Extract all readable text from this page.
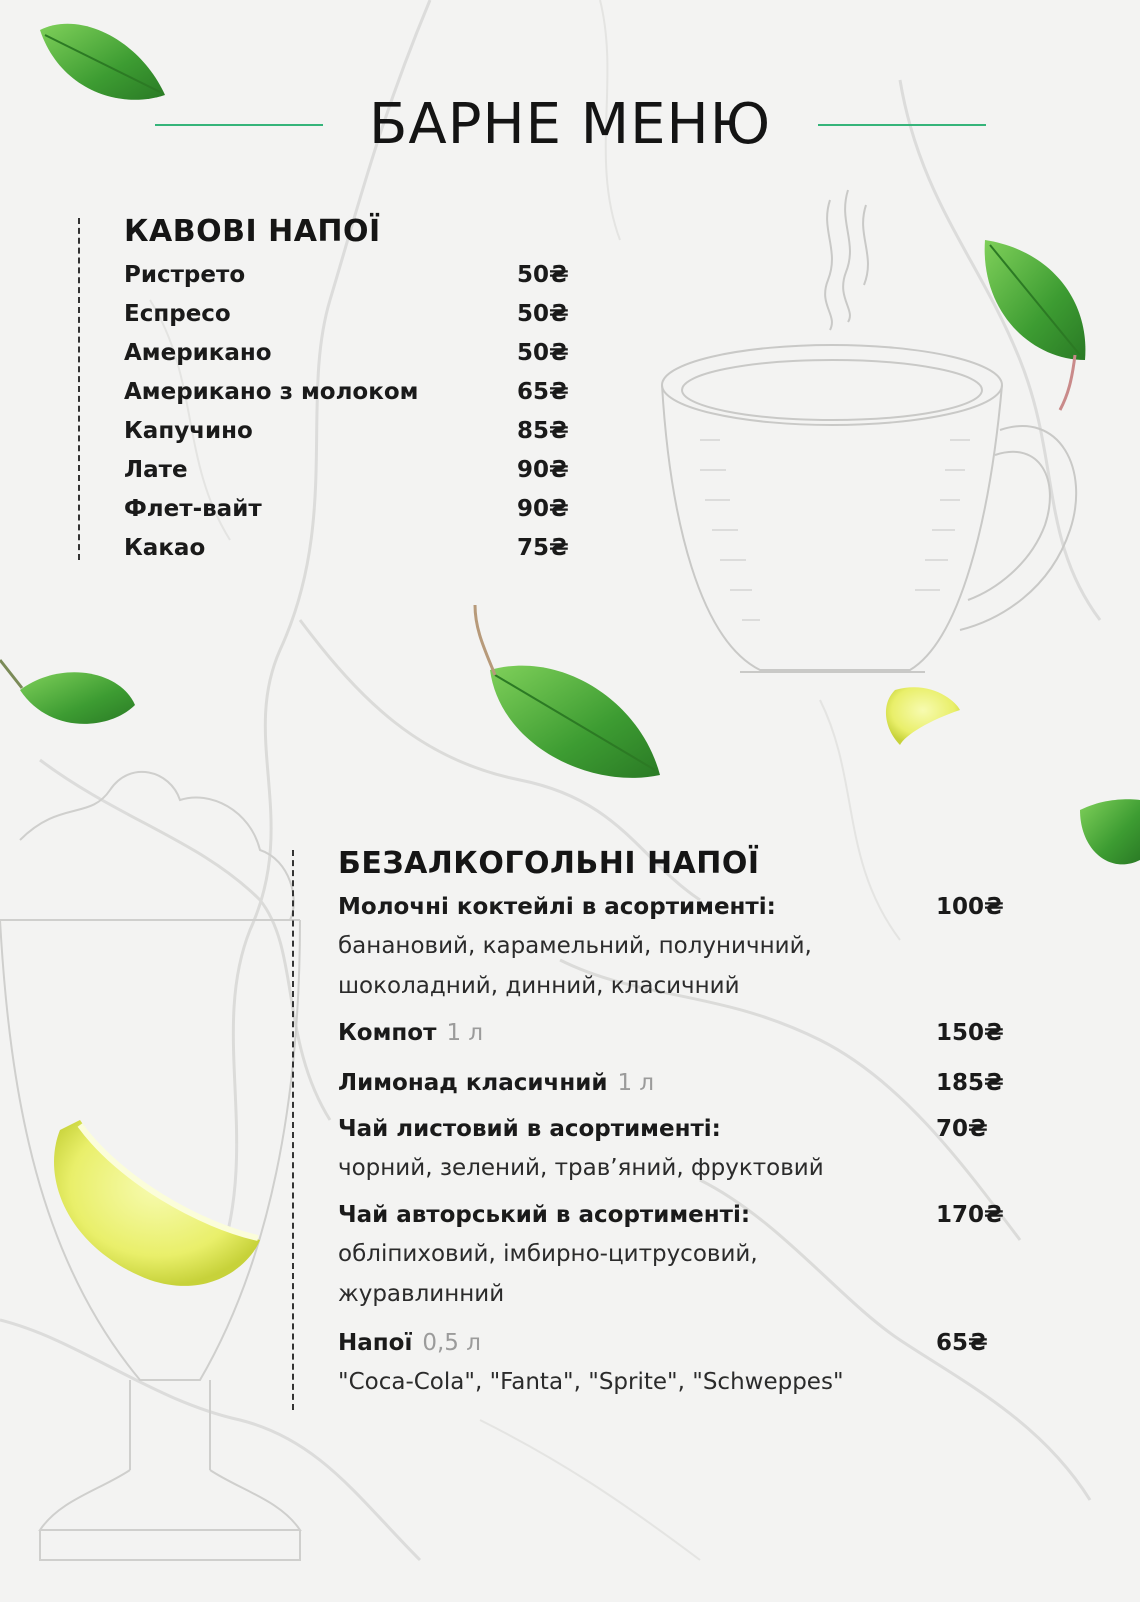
БАРНЕ МЕНЮ
КАВОВІ НАПОЇ
Ристрето	50₴
Еспресо	50₴
Американо	50₴
Американо з молоком	65₴
Капучино	85₴
Лате	90₴
Флет-вайт	90₴
Какао	75₴
БЕЗАЛКОГОЛЬНІ НАПОЇ
Молочні коктейлі в асортименті:	100₴
банановий, карамельний, полуничний,
шоколадний, динний, класичний
Компот 1 л	150₴
Лимонад класичний 1 л	185₴
Чай листовий в асортименті:	70₴
чорний, зелений, трав’яний, фруктовий
Чай авторський в асортименті:	170₴
обліпиховий, імбирно-цитрусовий,
журавлинний
Напої 0,5 л	65₴
"Coca-Cola", "Fanta", "Sprite", "Schweppes"
